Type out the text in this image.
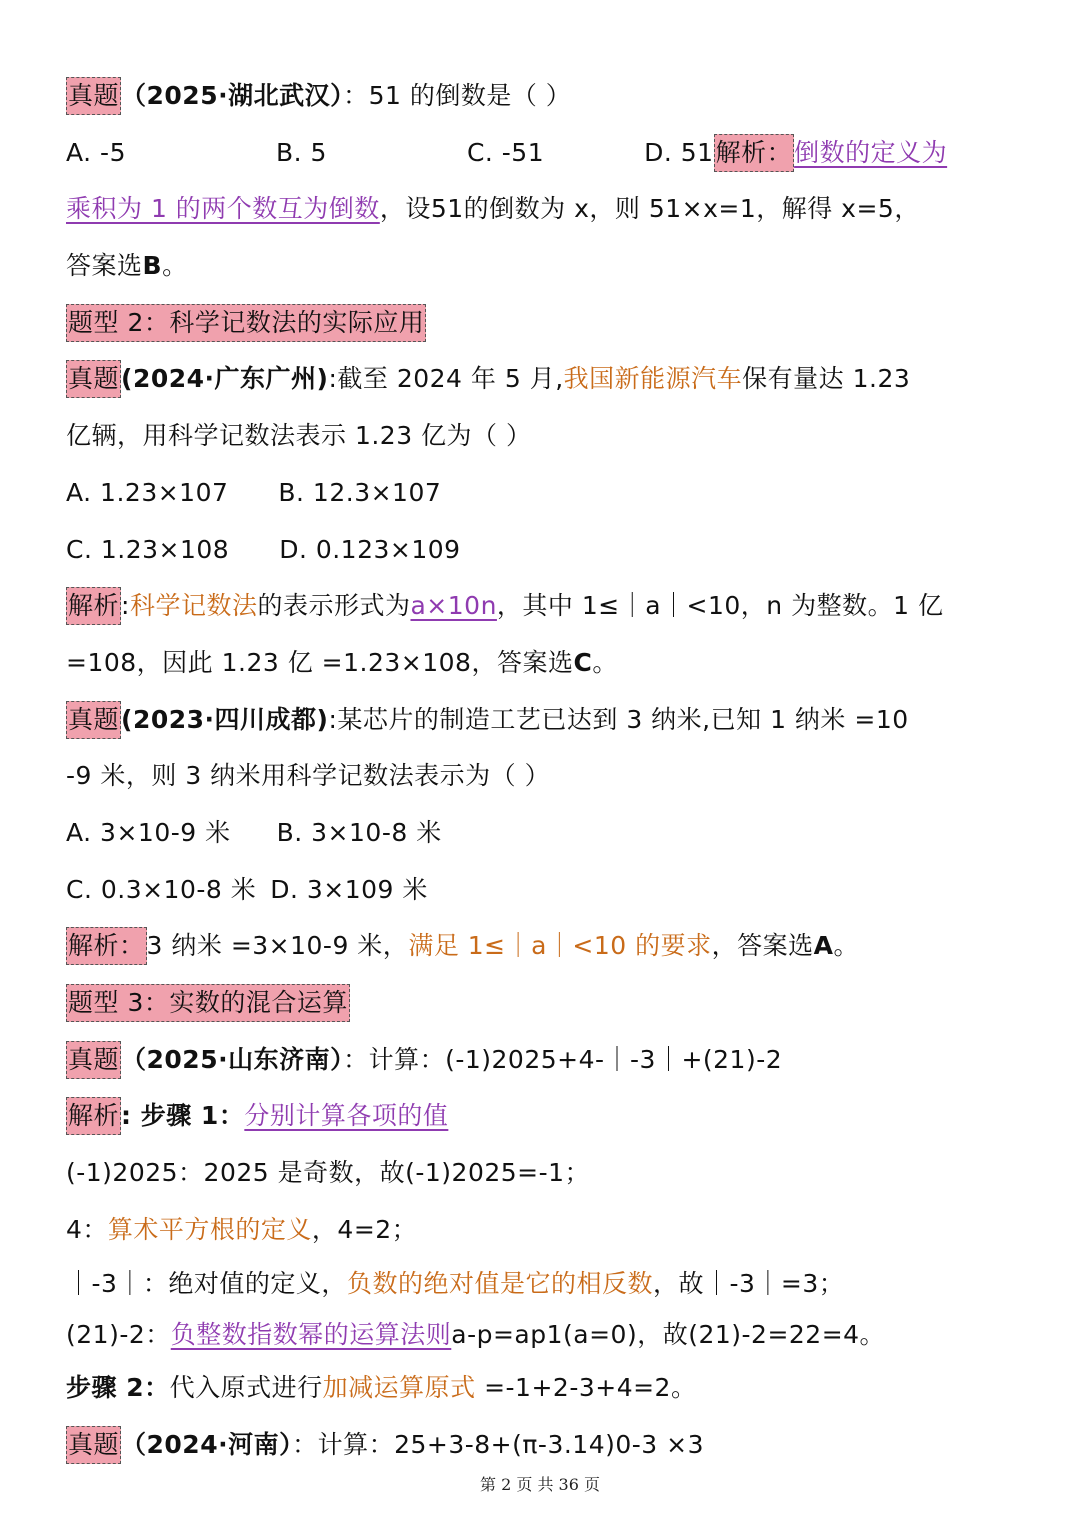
真题（2025·湖北武汉）：51 的倒数是（ ）
A. -5	B. 5	C. -51	D. 51解析：倒数的定义为
乘积为 1 的两个数互为倒数，设51的倒数为 x，则 51×x=1，解得 x=5，
答案选B。
题型 2：科学记数法的实际应用
真题(2024·广东广州):截至 2024 年 5 月,我国新能源汽车保有量达 1.23
亿辆，用科学记数法表示 1.23 亿为（ ）
A. 1.23×107 B. 12.3×107
C. 1.23×108 D. 0.123×109
解析:科学记数法的表示形式为a×10n，其中 1≤｜a｜<10，n 为整数。1 亿
=108，因此 1.23 亿 =1.23×108，答案选C。
真题(2023·四川成都):某芯片的制造工艺已达到 3 纳米,已知 1 纳米 =10
-9 米，则 3 纳米用科学记数法表示为（ ）
A. 3×10-9 米 B. 3×10-8 米
C. 0.3×10-8 米 D. 3×109 米
解析：3 纳米 =3×10-9 米，满足 1≤｜a｜<10 的要求，答案选A。
题型 3：实数的混合运算
真题（2025·山东济南）：计算：(-1)2025+4-｜-3｜+(21)-2
解析: 步骤 1：分别计算各项的值
(-1)2025：2025 是奇数，故(-1)2025=-1；
4：算术平方根的定义，4=2；
｜-3｜：绝对值的定义，负数的绝对值是它的相反数，故｜-3｜=3；
(21)-2：负整数指数幂的运算法则a-p=ap1(a=0)，故(21)-2=22=4。
步骤 2：代入原式进行加减运算原式 =-1+2-3+4=2。
真题（2024·河南）：计算：25+3-8+(π-3.14)0-3 ×3
第 2 页 共 36 页
